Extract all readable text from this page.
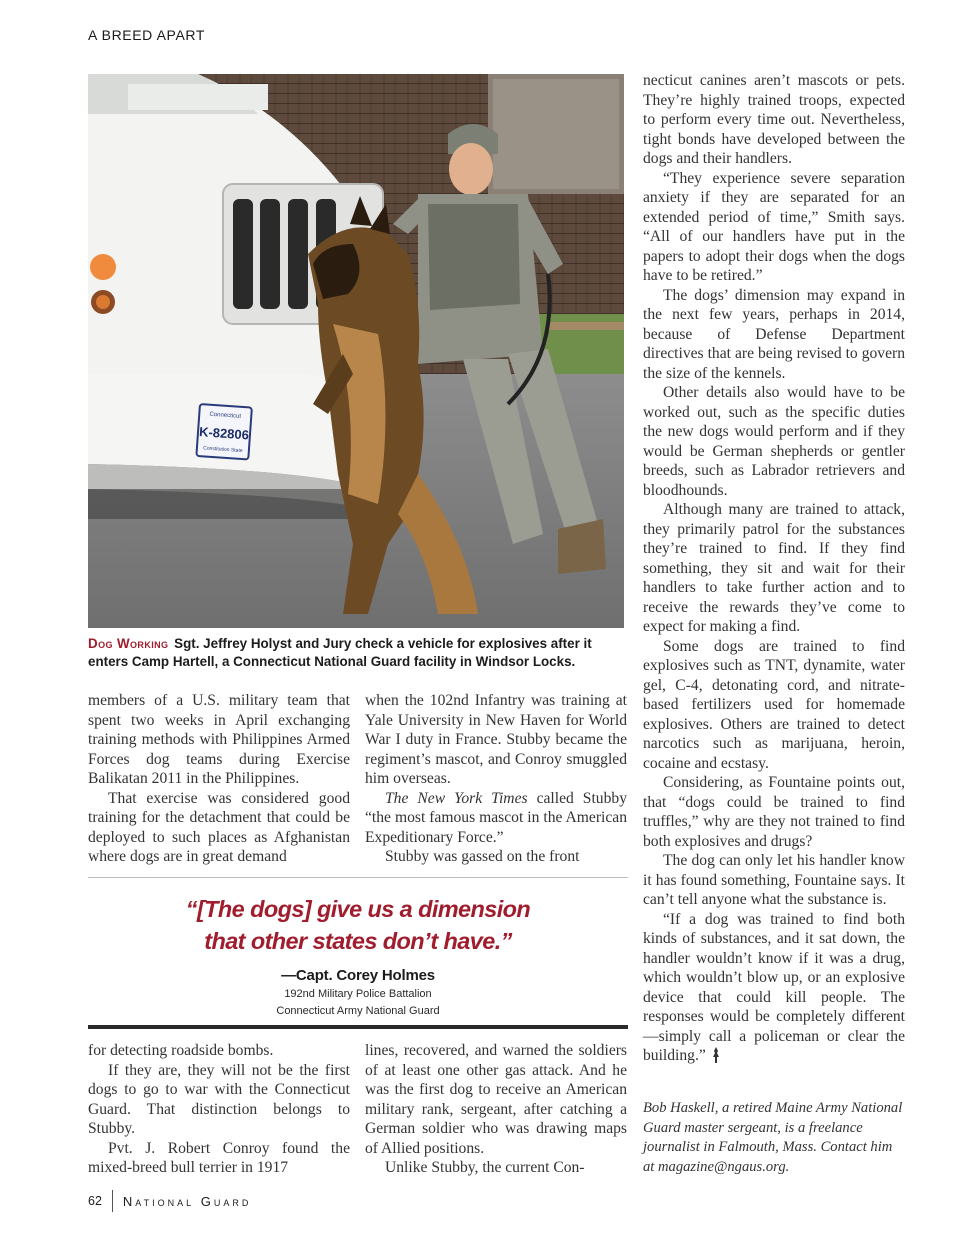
A BREED APART
Connecticut
K-82806
Constitution State
Dog Working Sgt. Jeffrey Holyst and Jury check a vehicle for explosives after it enters Camp Hartell, a Connecticut National Guard facility in Windsor Locks.

members of a U.S. military team that spent two weeks in April exchanging training methods with Philippines Armed Forces dog teams during Exercise Balikatan 2011 in the Philippines.

That exercise was considered good training for the detachment that could be deployed to such places as Afghanistan where dogs are in great demand

when the 102nd Infantry was training at Yale University in New Haven for World War I duty in France. Stubby became the regiment’s mascot, and Conroy smuggled him overseas.

The New York Times called Stubby “the most famous mascot in the American Expeditionary Force.”

Stubby was gassed on the front

“[The dogs] give us a dimension
that other states don’t have.”
—Capt. Corey Holmes
192nd Military Police Battalion
Connecticut Army National Guard

for detecting roadside bombs.

If they are, they will not be the first dogs to go to war with the Connecticut Guard. That distinction belongs to Stubby.

Pvt. J. Robert Conroy found the mixed-breed bull terrier in 1917

lines, recovered, and warned the soldiers of at least one other gas attack. And he was the first dog to receive an American military rank, sergeant, after catching a German soldier who was drawing maps of Allied positions.

Unlike Stubby, the current Con-

necticut canines aren’t mascots or pets. They’re highly trained troops, expected to perform every time out. Nevertheless, tight bonds have developed between the dogs and their handlers.

“They experience severe separation anxiety if they are separated for an extended period of time,” Smith says. “All of our handlers have put in the papers to adopt their dogs when the dogs have to be retired.”

The dogs’ dimension may expand in the next few years, perhaps in 2014, because of Defense Department directives that are being revised to govern the size of the kennels.

Other details also would have to be worked out, such as the specific duties the new dogs would perform and if they would be German shepherds or gentler breeds, such as Labrador retrievers and bloodhounds.

Although many are trained to attack, they primarily patrol for the substances they’re trained to find. If they find something, they sit and wait for their handlers to take further action and to receive the rewards they’ve come to expect for making a find.

Some dogs are trained to find explosives such as TNT, dynamite, water gel, C-4, detonating cord, and nitrate-based fertilizers used for homemade explosives. Others are trained to detect narcotics such as marijuana, heroin, cocaine and ecstasy.

Considering, as Fountaine points out, that “dogs could be trained to find truffles,” why are they not trained to find both explosives and drugs?

The dog can only let his handler know it has found something, Fountaine says. It can’t tell anyone what the substance is.

“If a dog was trained to find both kinds of substances, and it sat down, the handler wouldn’t know if it was a drug, which wouldn’t blow up, or an explosive device that could kill people. The responses would be completely different—simply call a policeman or clear the building.”

Bob Haskell, a retired Maine Army National Guard master sergeant, is a freelance journalist in Falmouth, Mass. Contact him at magazine@ngaus.org.

62 National Guard
